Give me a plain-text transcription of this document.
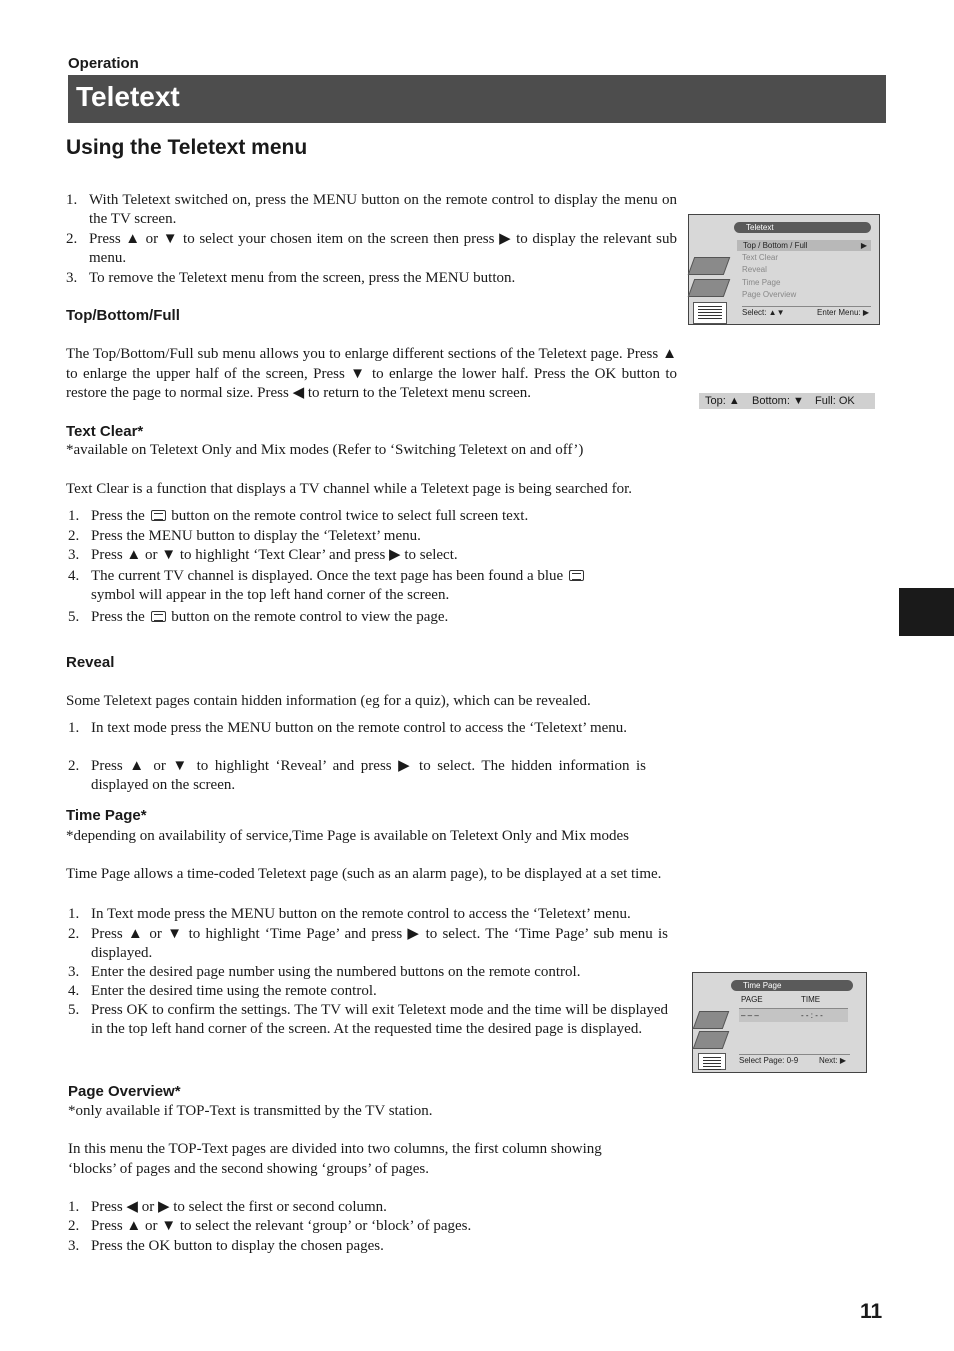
Operation
Teletext
Using the Teletext menu
1. With Teletext switched on, press the MENU button on the remote control to display the menu on the TV screen.
2. Press ▲ or ▼ to select your chosen item on the screen then press ▶ to display the relevant sub menu.
3. To remove the Teletext menu from the screen, press the MENU button.
Top/Bottom/Full
The Top/Bottom/Full sub menu allows you to enlarge different sections of the Teletext page. Press ▲ to enlarge the upper half of the screen, Press ▼ to enlarge the lower half. Press the OK button to restore the page to normal size. Press ◀ to return to the Teletext menu screen.
Text Clear*
*available on Teletext Only and Mix modes (Refer to ‘Switching Teletext on and off’)
Text Clear is a function that displays a TV channel while a Teletext page is being searched for.
1. Press the button on the remote control twice to select full screen text.
2. Press the MENU button to display the ‘Teletext’ menu.
3. Press ▲ or ▼ to highlight ‘Text Clear’ and press ▶ to select.
4. The current TV channel is displayed. Once the text page has been found a blue
symbol will appear in the top left hand corner of the screen.
5. Press the button on the remote control to view the page.
Reveal
Some Teletext pages contain hidden information (eg for a quiz), which can be revealed.
1. In text mode press the MENU button on the remote control to access the ‘Teletext’ menu.
2. Press ▲ or ▼ to highlight ‘Reveal’ and press ▶ to select. The hidden information is displayed on the screen.
Time Page*
*depending on availability of service,Time Page is available on Teletext Only and Mix modes
Time Page allows a time-coded Teletext page (such as an alarm page), to be displayed at a set time.
1. In Text mode press the MENU button on the remote control to access the ‘Teletext’ menu.
2. Press ▲ or ▼ to highlight ‘Time Page’ and press ▶ to select. The ‘Time Page’ sub menu is displayed.
3. Enter the desired page number using the numbered buttons on the remote control.
4. Enter the desired time using the remote control.
5. Press OK to confirm the settings. The TV will exit Teletext mode and the time will be displayed in the top left hand corner of the screen. At the requested time the desired page is displayed.
Page Overview*
*only available if TOP-Text is transmitted by the TV station.
In this menu the TOP-Text pages are divided into two columns, the first column showing ‘blocks’ of pages and the second showing ‘groups’ of pages.
1. Press ◀ or ▶ to select the first or second column.
2. Press ▲ or ▼ to select the relevant ‘group’ or ‘block’ of pages.
3. Press the OK button to display the chosen pages.
Teletext
Top / Bottom / Full	▶
Text Clear
Reveal
Time Page
Page Overview
Select: ▲▼	Enter Menu: ▶
Top: ▲ Bottom: ▼ Full: OK
Time Page
PAGE	TIME
– – –	- - : - -
Select Page: 0-9	Next: ▶
11
